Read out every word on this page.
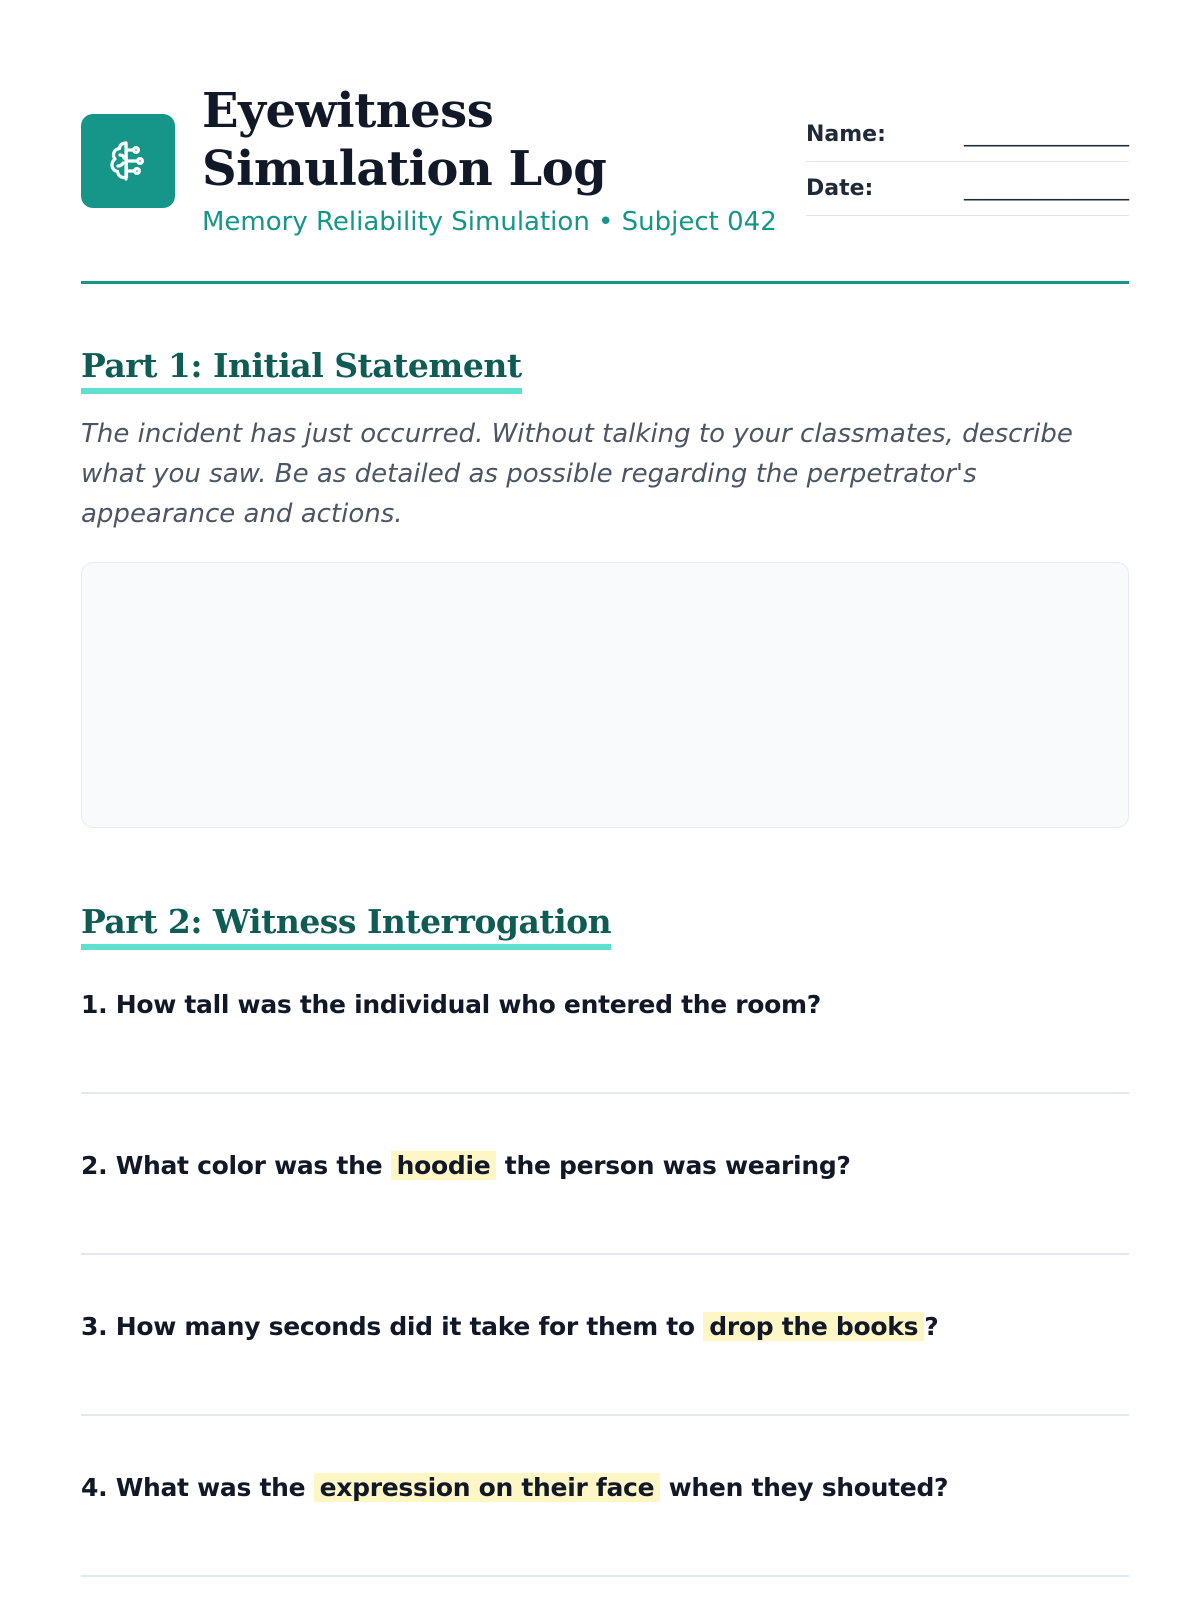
Eyewitness Simulation Log
Memory Reliability Simulation • Subject 042
Name:	_______________
Date:	_______________
Part 1: Initial Statement

The incident has just occurred. Without talking to your classmates, describe what you saw. Be as detailed as possible regarding the perpetrator's appearance and actions.

Part 2: Witness Interrogation
1. How tall was the individual who entered the room?
2. What color was the hoodie the person was wearing?
3. How many seconds did it take for them to drop the books ?
4. What was the expression on their face when they shouted?
